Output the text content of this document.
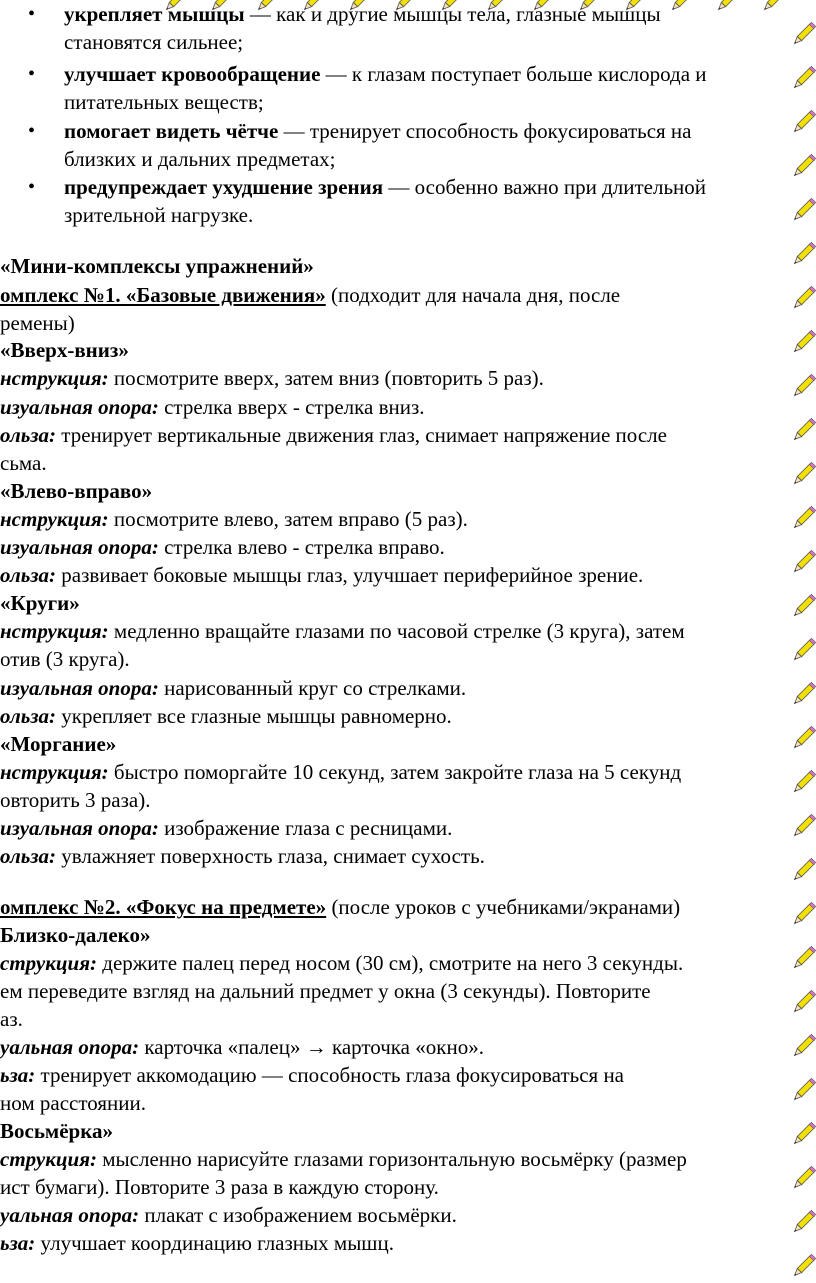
• укрепляет мышцы — как и другие мышцы тела, глазные мышцы
становятся сильнее;
• улучшает кровообращение — к глазам поступает больше кислорода и
питательных веществ;
• помогает видеть чётче — тренирует способность фокусироваться на
близких и дальних предметах;
• предупреждает ухудшение зрения — особенно важно при длительной
зрительной нагрузке.
«Мини-комплексы упражнений»
омплекс №1. «Базовые движения» (подходит для начала дня, после
ремены)
«Вверх-вниз»
нструкция: посмотрите вверх, затем вниз (повторить 5 раз).
изуальная опора: стрелка вверх - стрелка вниз.
ользa: тренирует вертикальные движения глаз, снимает напряжение после
сьма.
«Влево-вправо»
нструкция: посмотрите влево, затем вправо (5 раз).
изуальная опора: стрелка влево - стрелка вправо.
ольза: развивает боковые мышцы глаз, улучшает периферийное зрение.
«Круги»
нструкция: медленно вращайте глазами по часовой стрелке (3 круга), затем
отив (3 круга).
изуальная опора: нарисованный круг со стрелками.
ольза: укрепляет все глазные мышцы равномерно.
«Моргание»
нструкция: быстро поморгайте 10 секунд, затем закройте глаза на 5 секунд
овторить 3 раза).
изуальная опора: изображение глаза с ресницами.
ольза: увлажняет поверхность глаза, снимает сухость.
омплекс №2. «Фокус на предмете» (после уроков с учебниками/экранами)
Близко-далеко»
струкция: держите палец перед носом (30 см), смотрите на него 3 секунды.
ем переведите взгляд на дальний предмет у окна (3 секунды). Повторите
аз.
уальная опора: карточка «палец» → карточка «окно».
ьза: тренирует аккомодацию — способность глаза фокусироваться на
ном расстоянии.
Восьмёрка»
струкция: мысленно нарисуйте глазами горизонтальную восьмёрку (размер
ист бумаги). Повторите 3 раза в каждую сторону.
уальная опора: плакат с изображением восьмёрки.
ьза: улучшает координацию глазных мышц.
